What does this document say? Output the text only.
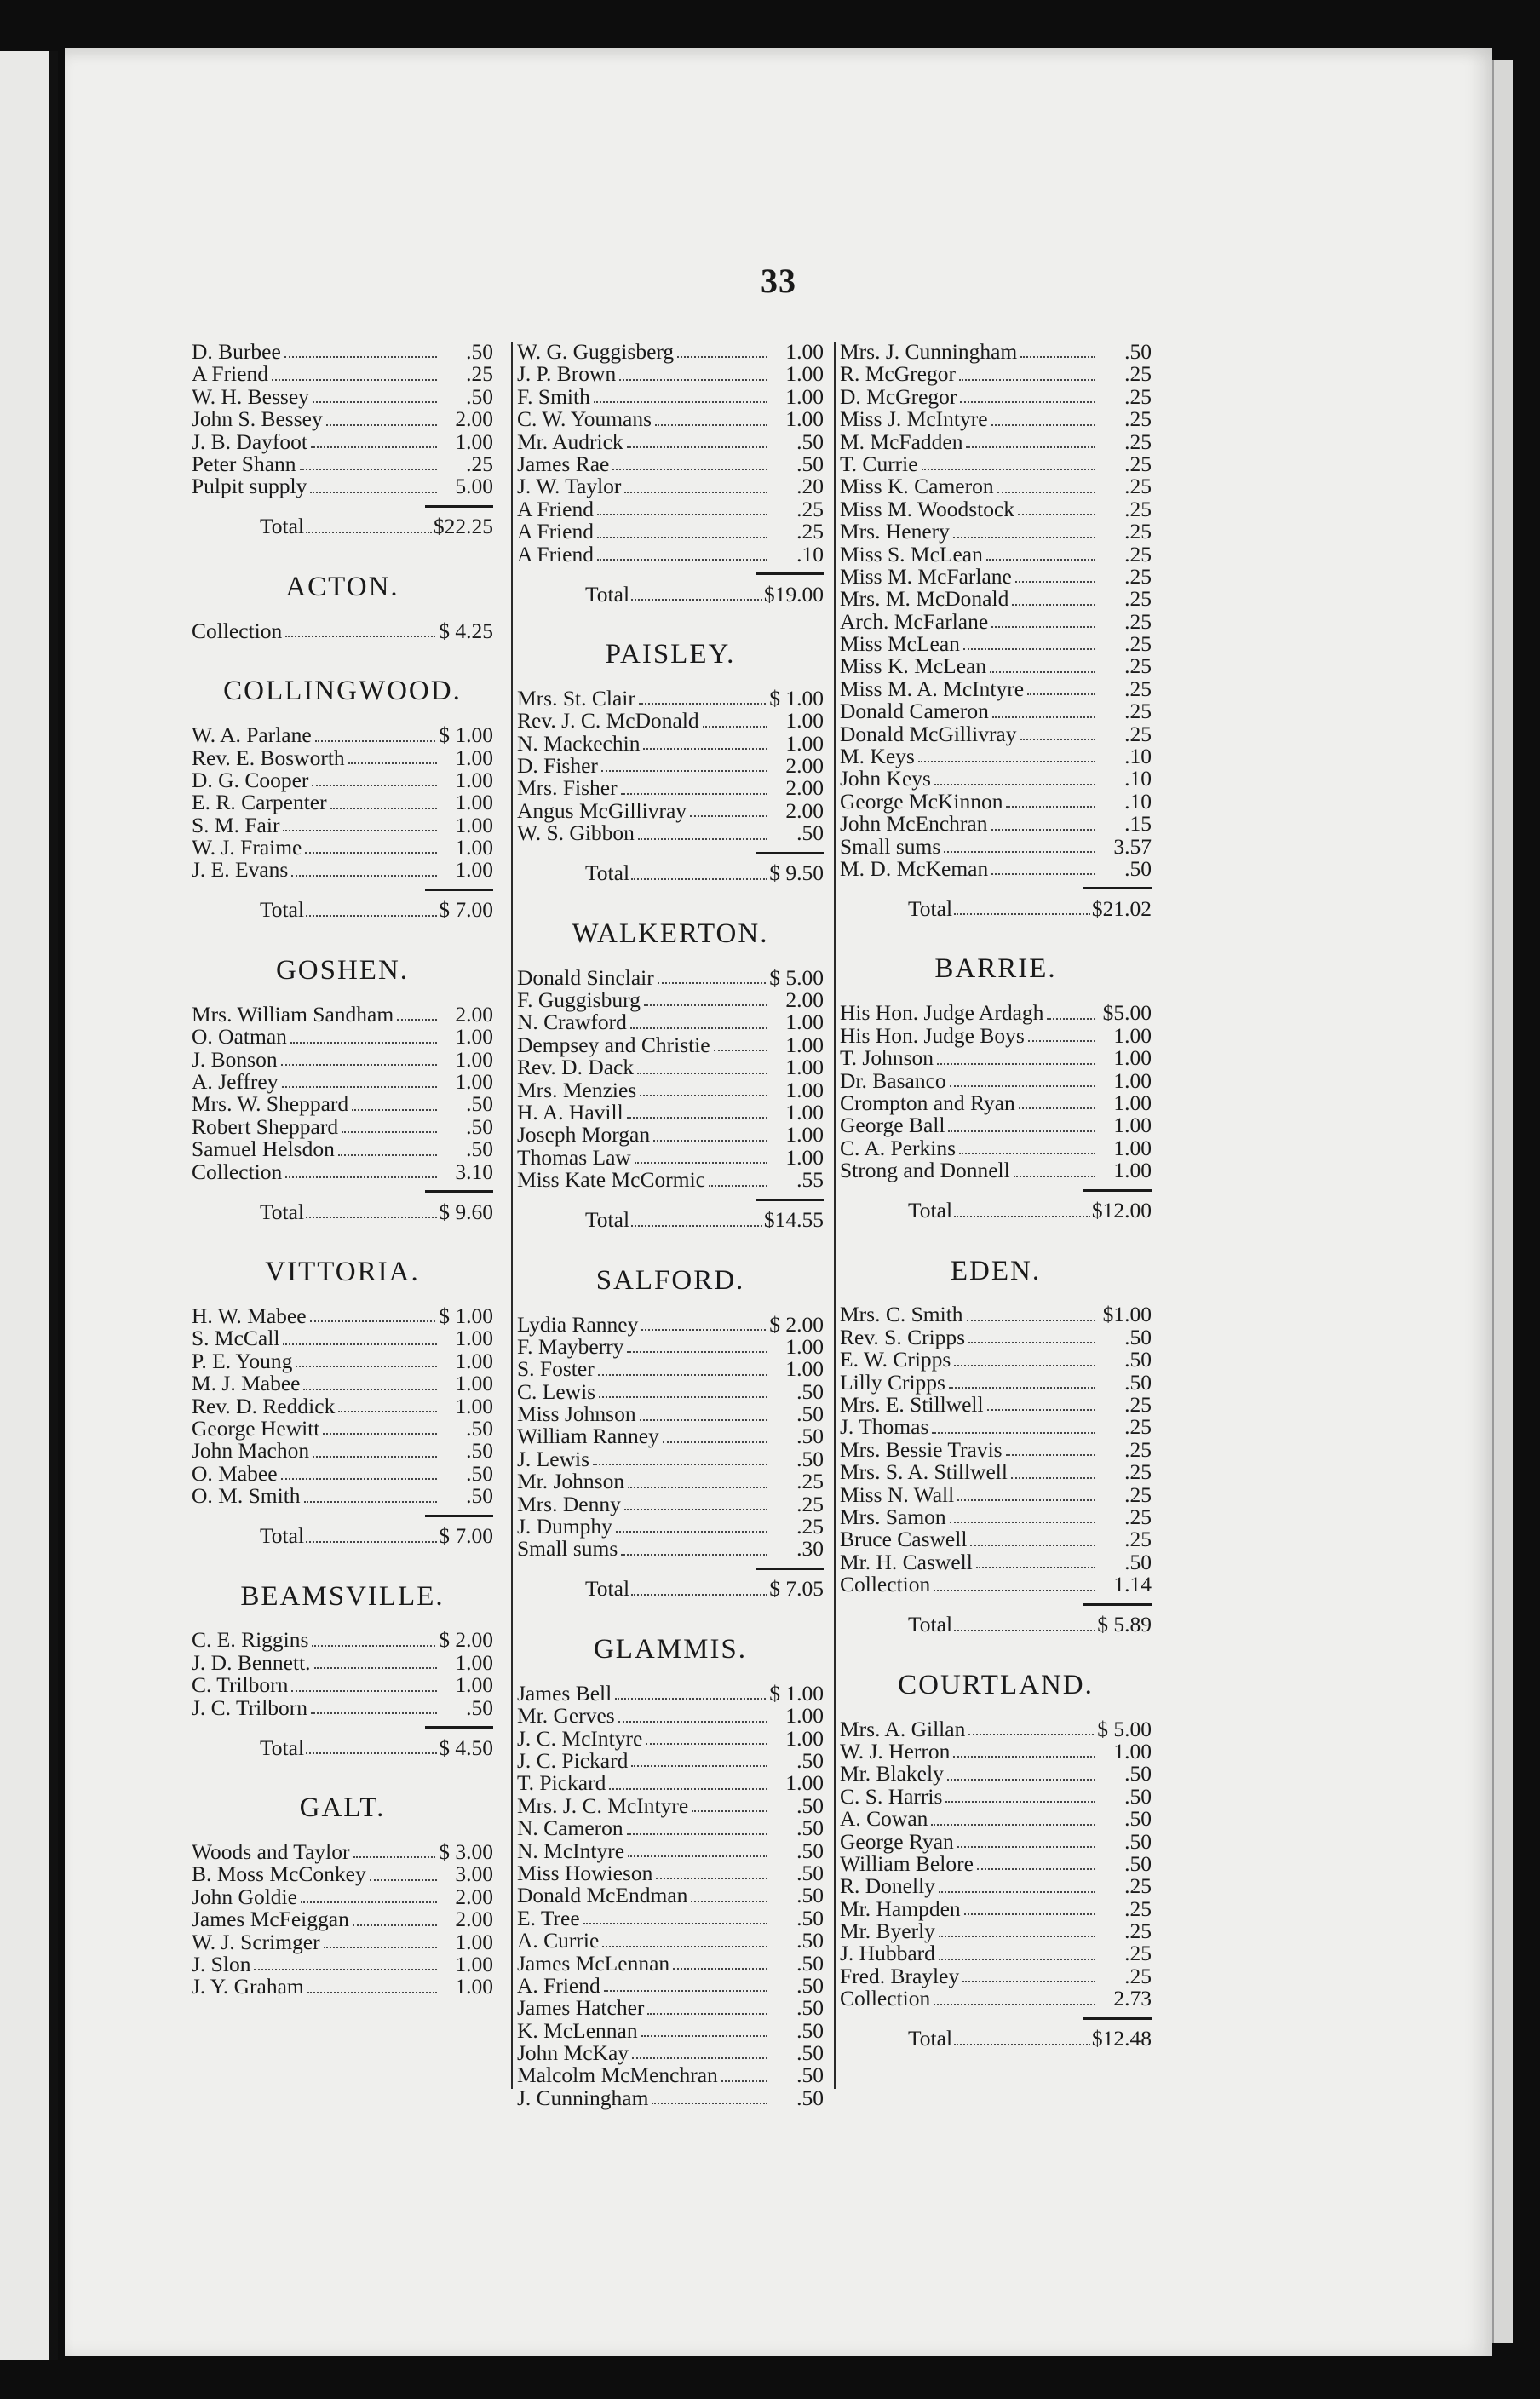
33
D. Burbee	.50
A Friend	.25
W. H. Bessey	.50
John S. Bessey	2.00
J. B. Dayfoot	1.00
Peter Shann	.25
Pulpit supply	5.00
Total	$22.25
ACTON.
Collection	$ 4.25
COLLINGWOOD.
W. A. Parlane	$ 1.00
Rev. E. Bosworth	1.00
D. G. Cooper	1.00
E. R. Carpenter	1.00
S. M. Fair	1.00
W. J. Fraime	1.00
J. E. Evans	1.00
Total	$ 7.00
GOSHEN.
Mrs. William Sandham	2.00
O. Oatman	1.00
J. Bonson	1.00
A. Jeffrey	1.00
Mrs. W. Sheppard	.50
Robert Sheppard	.50
Samuel Helsdon	.50
Collection	3.10
Total	$ 9.60
VITTORIA.
H. W. Mabee	$ 1.00
S. McCall	1.00
P. E. Young	1.00
M. J. Mabee	1.00
Rev. D. Reddick	1.00
George Hewitt	.50
John Machon	.50
O. Mabee	.50
O. M. Smith	.50
Total	$ 7.00
BEAMSVILLE.
C. E. Riggins	$ 2.00
J. D. Bennett.	1.00
C. Trilborn	1.00
J. C. Trilborn	.50
Total	$ 4.50
GALT.
Woods and Taylor	$ 3.00
B. Moss McConkey	3.00
John Goldie	2.00
James McFeiggan	2.00
W. J. Scrimger	1.00
J. Slon	1.00
J. Y. Graham	1.00
W. G. Guggisberg	1.00
J. P. Brown	1.00
F. Smith	1.00
C. W. Youmans	1.00
Mr. Audrick	.50
James Rae	.50
J. W. Taylor	.20
A Friend	.25
A Friend	.25
A Friend	.10
Total	$19.00
PAISLEY.
Mrs. St. Clair	$ 1.00
Rev. J. C. McDonald	1.00
N. Mackechin	1.00
D. Fisher	2.00
Mrs. Fisher	2.00
Angus McGillivray	2.00
W. S. Gibbon	.50
Total	$ 9.50
WALKERTON.
Donald Sinclair	$ 5.00
F. Guggisburg	2.00
N. Crawford	1.00
Dempsey and Christie	1.00
Rev. D. Dack	1.00
Mrs. Menzies	1.00
H. A. Havill	1.00
Joseph Morgan	1.00
Thomas Law	1.00
Miss Kate McCormic	.55
Total	$14.55
SALFORD.
Lydia Ranney	$ 2.00
F. Mayberry	1.00
S. Foster	1.00
C. Lewis	.50
Miss Johnson	.50
William Ranney	.50
J. Lewis	.50
Mr. Johnson	.25
Mrs. Denny	.25
J. Dumphy	.25
Small sums	.30
Total	$ 7.05
GLAMMIS.
James Bell	$ 1.00
Mr. Gerves	1.00
J. C. McIntyre	1.00
J. C. Pickard	.50
T. Pickard	1.00
Mrs. J. C. McIntyre	.50
N. Cameron	.50
N. McIntyre	.50
Miss Howieson	.50
Donald McEndman	.50
E. Tree	.50
A. Currie	.50
James McLennan	.50
A. Friend	.50
James Hatcher	.50
K. McLennan	.50
John McKay	.50
Malcolm McMenchran	.50
J. Cunningham	.50
Mrs. J. Cunningham	.50
R. McGregor	.25
D. McGregor	.25
Miss J. McIntyre	.25
M. McFadden	.25
T. Currie	.25
Miss K. Cameron	.25
Miss M. Woodstock	.25
Mrs. Henery	.25
Miss S. McLean	.25
Miss M. McFarlane	.25
Mrs. M. McDonald	.25
Arch. McFarlane	.25
Miss McLean	.25
Miss K. McLean	.25
Miss M. A. McIntyre	.25
Donald Cameron	.25
Donald McGillivray	.25
M. Keys	.10
John Keys	.10
George McKinnon	.10
John McEnchran	.15
Small sums	3.57
M. D. McKeman	.50
Total	$21.02
BARRIE.
His Hon. Judge Ardagh	$5.00
His Hon. Judge Boys	1.00
T. Johnson	1.00
Dr. Basanco	1.00
Crompton and Ryan	1.00
George Ball	1.00
C. A. Perkins	1.00
Strong and Donnell	1.00
Total	$12.00
EDEN.
Mrs. C. Smith	$1.00
Rev. S. Cripps	.50
E. W. Cripps	.50
Lilly Cripps	.50
Mrs. E. Stillwell	.25
J. Thomas	.25
Mrs. Bessie Travis	.25
Mrs. S. A. Stillwell	.25
Miss N. Wall	.25
Mrs. Samon	.25
Bruce Caswell	.25
Mr. H. Caswell	.50
Collection	1.14
Total	$ 5.89
COURTLAND.
Mrs. A. Gillan	$ 5.00
W. J. Herron	1.00
Mr. Blakely	.50
C. S. Harris	.50
A. Cowan	.50
George Ryan	.50
William Belore	.50
R. Donelly	.25
Mr. Hampden	.25
Mr. Byerly	.25
J. Hubbard	.25
Fred. Brayley	.25
Collection	2.73
Total	$12.48
